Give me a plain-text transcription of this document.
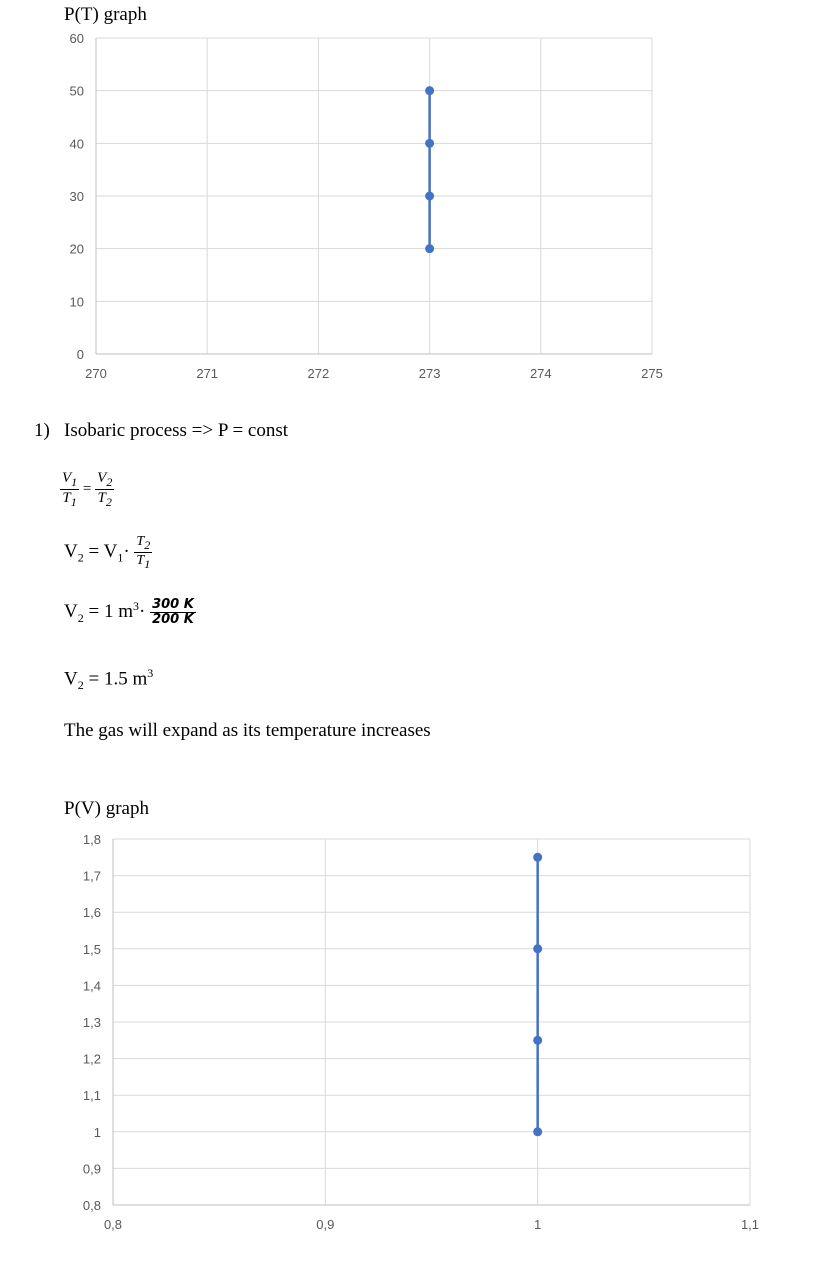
P(T) graph
0
10
20
30
40
50
60
270	271	272	273	274	275
1) Isobaric process => P = const
$\frac{V_1}{T_1} = \frac{V_2}{T_2}$
$V_2 = V_1\cdot \frac{T_2}{T_1}$
$V_2 = 1$ $m^3\cdot \frac{300 K}{200 K}$
$V_2 = 1.5$ $m^3$
The gas will expand as its temperature increases
P(V) graph
0,8
0,9
1
1,1
1,2
1,3
1,4
1,5
1,6
1,7
1,8
0,8	0,9	1	1,1
